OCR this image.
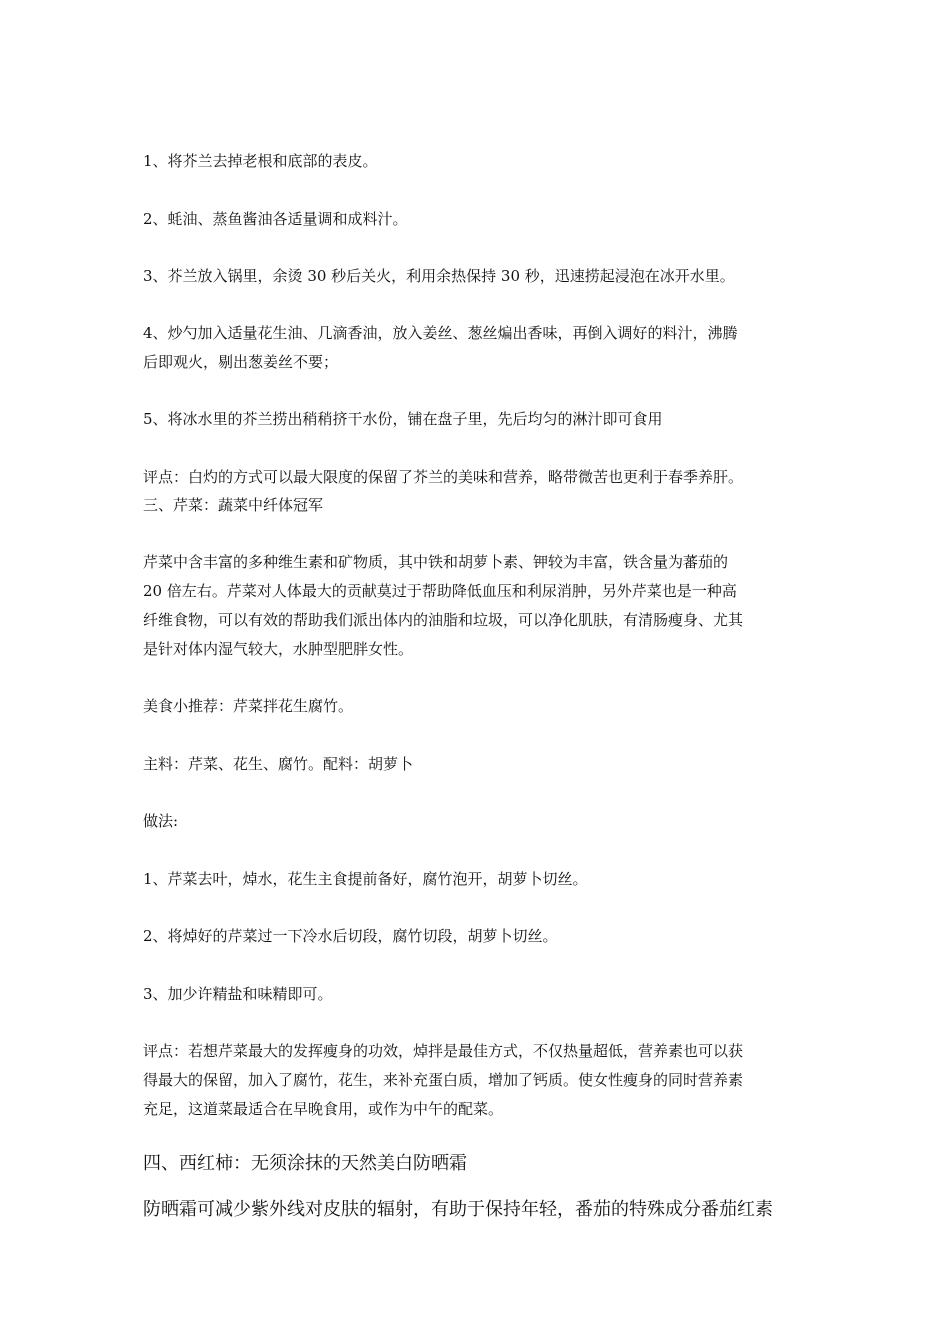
1、将芥兰去掉老根和底部的表皮。

2、蚝油、蒸鱼酱油各适量调和成料汁。

3、芥兰放入锅里，余烫 30 秒后关火，利用余热保持 30 秒，迅速捞起浸泡在冰开水里。

4、炒勺加入适量花生油、几滴香油，放入姜丝、葱丝煸出香味，再倒入调好的料汁，沸腾

后即观火，剔出葱姜丝不要；

5、将冰水里的芥兰捞出稍稍挤干水份，铺在盘子里，先后均匀的淋汁即可食用

评点：白灼的方式可以最大限度的保留了芥兰的美味和营养，略带微苦也更利于春季养肝。

三、芹菜：蔬菜中纤体冠军

芹菜中含丰富的多种维生素和矿物质，其中铁和胡萝卜素、钾较为丰富，铁含量为蕃茄的

20 倍左右。芹菜对人体最大的贡献莫过于帮助降低血压和利尿消肿，另外芹菜也是一种高

纤维食物，可以有效的帮助我们派出体内的油脂和垃圾，可以净化肌肤，有清肠瘦身、尤其

是针对体内湿气较大，水肿型肥胖女性。

美食小推荐：芹菜拌花生腐竹。

主料：芹菜、花生、腐竹。配料：胡萝卜

做法:

1、芹菜去叶，焯水，花生主食提前备好，腐竹泡开，胡萝卜切丝。

2、将焯好的芹菜过一下冷水后切段，腐竹切段，胡萝卜切丝。

3、加少许精盐和味精即可。

评点：若想芹菜最大的发挥瘦身的功效，焯拌是最佳方式，不仅热量超低，营养素也可以获

得最大的保留，加入了腐竹，花生，来补充蛋白质，增加了钙质。使女性瘦身的同时营养素

充足，这道菜最适合在早晚食用，或作为中午的配菜。

四、西红柿：无须涂抹的天然美白防晒霜

防晒霜可减少紫外线对皮肤的辐射，有助于保持年轻，番茄的特殊成分番茄红素
